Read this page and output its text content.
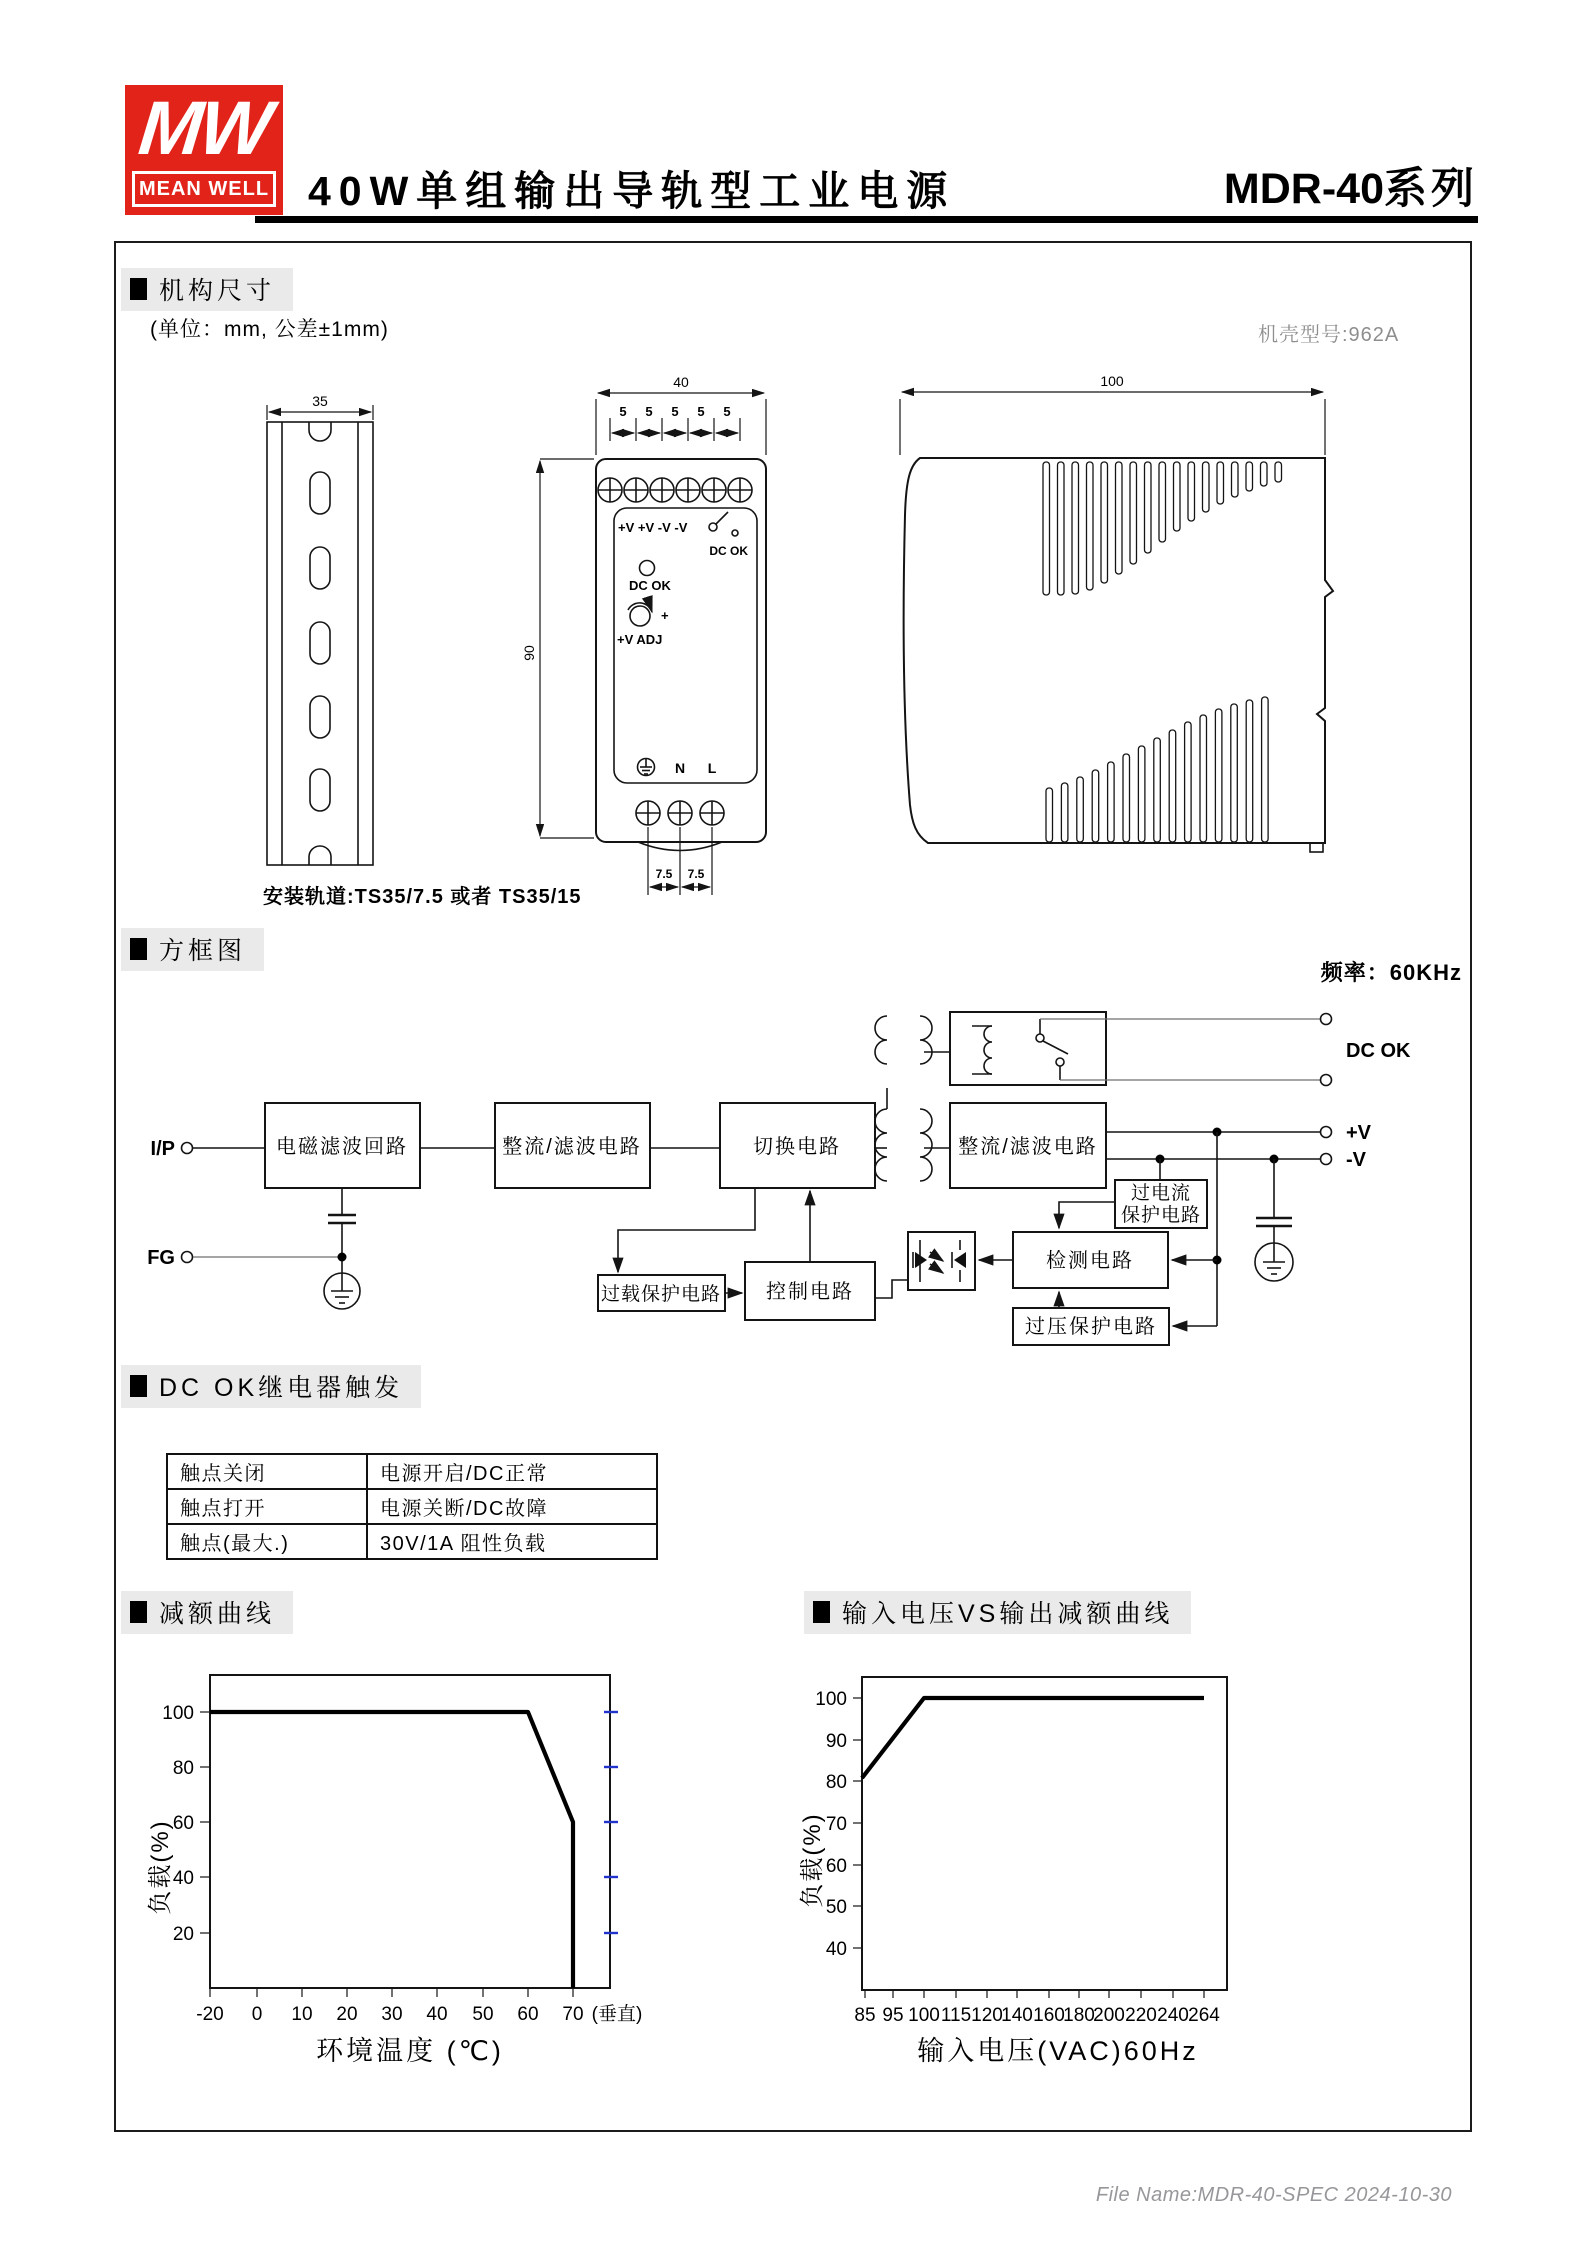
MW
MEAN WELL 40W单组输出导轨型工业电源	MDR-40系列
机构尺寸
(单位：mm, 公差±1mm)	机壳型号:962A
35
安装轨道:TS35/7.5 或者 TS35/15
40
5 5 5 5 5
90
+V +V -V -V
DC OK
DC OK
+
+V ADJ
N L
7.5 7.5
100
方框图
频率：60KHz
I/P
FG
电磁滤波回路	整流/滤波电路	切换电路
DC OK
整流/滤波电路
+V
-V
过载保护电路 控制电路
检测电路
过电流
保护电路
过压保护电路
DC OK继电器触发
触点关闭	电源开启/DC正常
触点打开	电源关断/DC故障
触点(最大.)	30V/1A 阻性负载
减额曲线	输入电压VS输出减额曲线
100
80
60
40
20
-20 0 10 20 30 40 50 60 70 (垂直)
负载(%)
环境温度 (℃)
100
90
80
70
60
50
40
85 95 100 115 120
140 160
180
200 220 240 264
负载(%)
输入电压(VAC)60Hz
File Name:MDR-40-SPEC 2024-10-30
